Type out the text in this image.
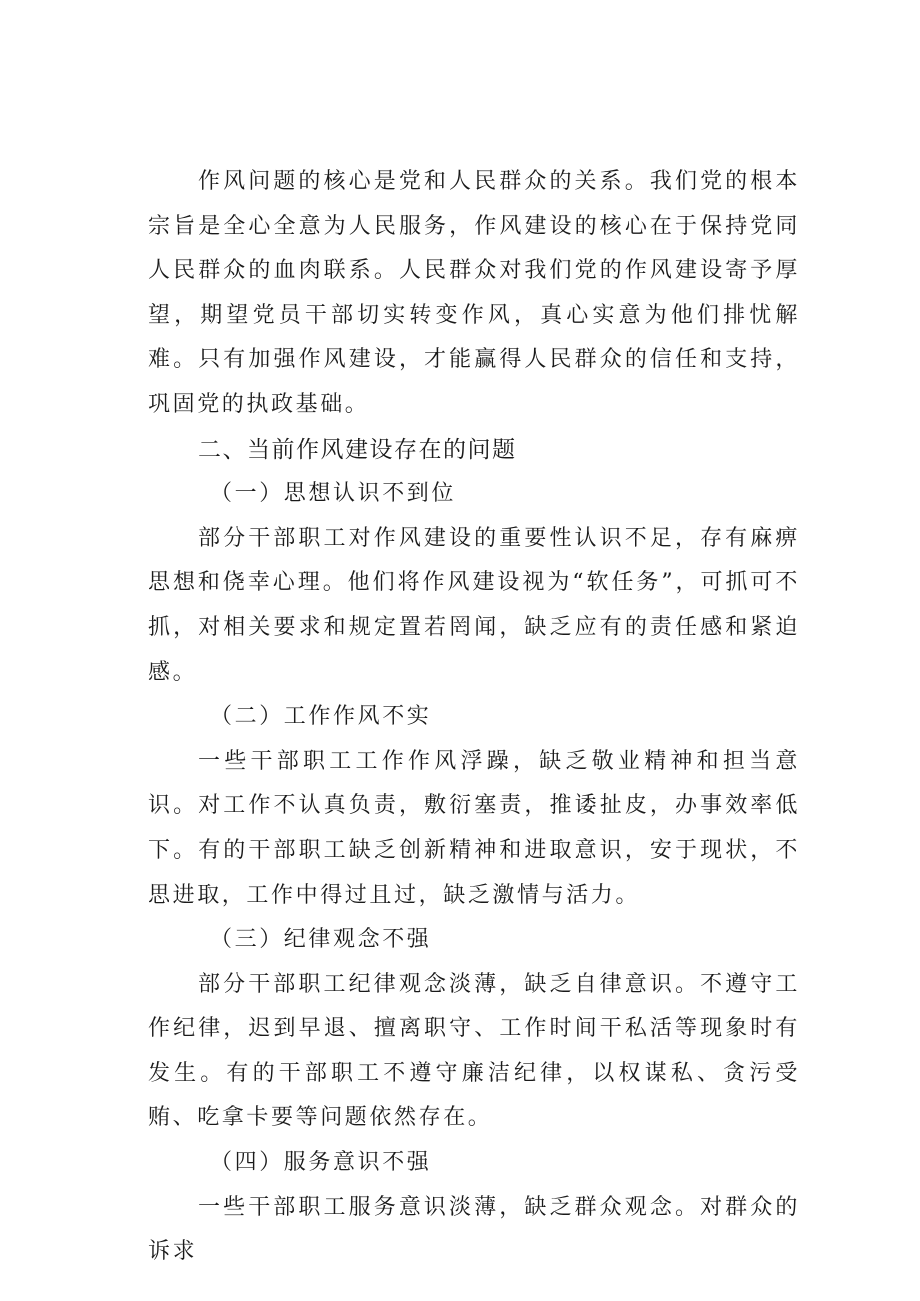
作风问题的核心是党和人民群众的关系。我们党的根本宗旨是全心全意为人民服务，作风建设的核心在于保持党同人民群众的血肉联系。人民群众对我们党的作风建设寄予厚望，期望党员干部切实转变作风，真心实意为他们排忧解难。只有加强作风建设，才能赢得人民群众的信任和支持，巩固党的执政基础。

二、当前作风建设存在的问题

（一）思想认识不到位

部分干部职工对作风建设的重要性认识不足，存有麻痹思想和侥幸心理。他们将作风建设视为“软任务”，可抓可不抓，对相关要求和规定置若罔闻，缺乏应有的责任感和紧迫感。

（二）工作作风不实

一些干部职工工作作风浮躁，缺乏敬业精神和担当意识。对工作不认真负责，敷衍塞责，推诿扯皮，办事效率低下。有的干部职工缺乏创新精神和进取意识，安于现状，不思进取，工作中得过且过，缺乏激情与活力。

（三）纪律观念不强

部分干部职工纪律观念淡薄，缺乏自律意识。不遵守工作纪律，迟到早退、擅离职守、工作时间干私活等现象时有发生。有的干部职工不遵守廉洁纪律，以权谋私、贪污受贿、吃拿卡要等问题依然存在。

（四）服务意识不强

一些干部职工服务意识淡薄，缺乏群众观念。对群众的诉求
